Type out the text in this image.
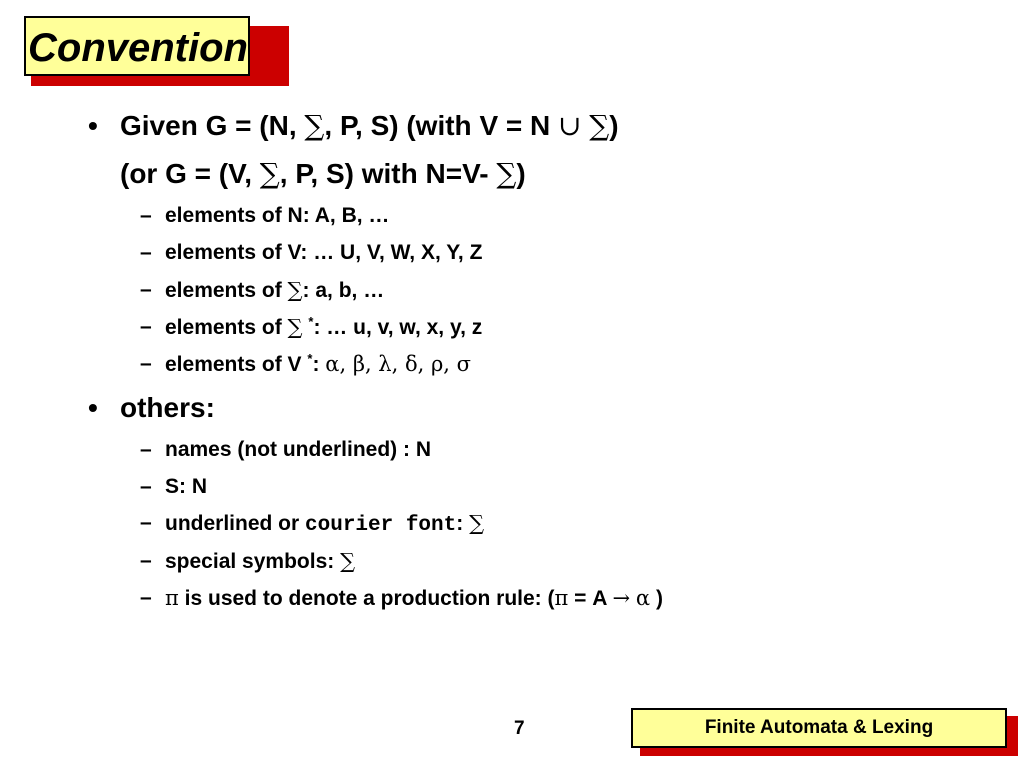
n
Convention
• Given G = (N, ∑, P, S) (with V = N ∪ ∑)
(or G = (V, ∑, P, S) with N=V- ∑)
– elements of N: A, B, …
– elements of V: … U, V, W, X, Y, Z
– elements of ∑: a, b, …
– elements of ∑ *: … u, v, w, x, y, z
– elements of V *: α, β, λ, δ, ρ, σ
• others:
– names (not underlined) : N
– S: N
– underlined or courier font: ∑
– special symbols: ∑
– π is used to denote a production rule: (π = A → α )
7	Finite Automata & Lexing
